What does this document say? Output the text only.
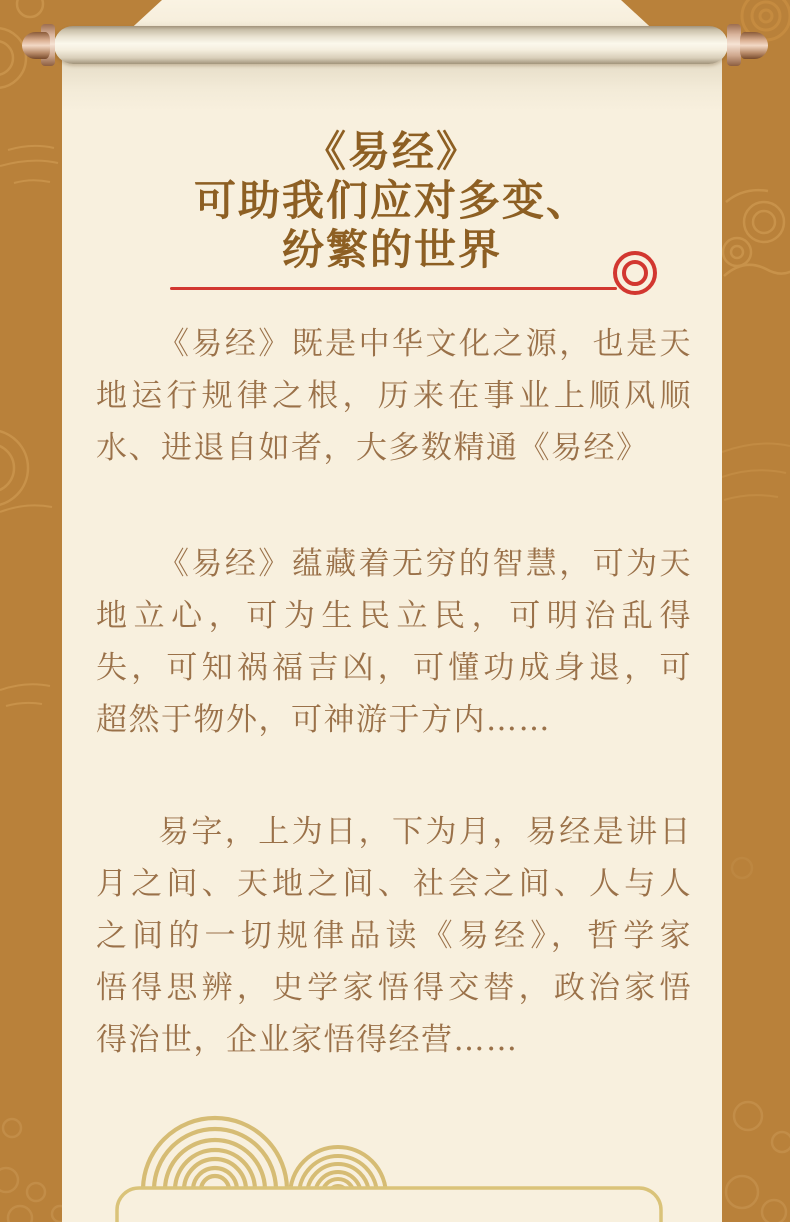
《易经》
可助我们应对多变、
纷繁的世界
《易经》既是中华文化之源，也是天
地运行规律之根，历来在事业上顺风顺
水、进退自如者，大多数精通《易经》
《易经》蕴藏着无穷的智慧，可为天
地立心，可为生民立民，可明治乱得
失，可知祸福吉凶，可懂功成身退，可
超然于物外，可神游于方内……
易字，上为日，下为月，易经是讲日
月之间、天地之间、社会之间、人与人
之间的一切规律品读《易经》，哲学家
悟得思辨，史学家悟得交替，政治家悟
得治世，企业家悟得经营……
